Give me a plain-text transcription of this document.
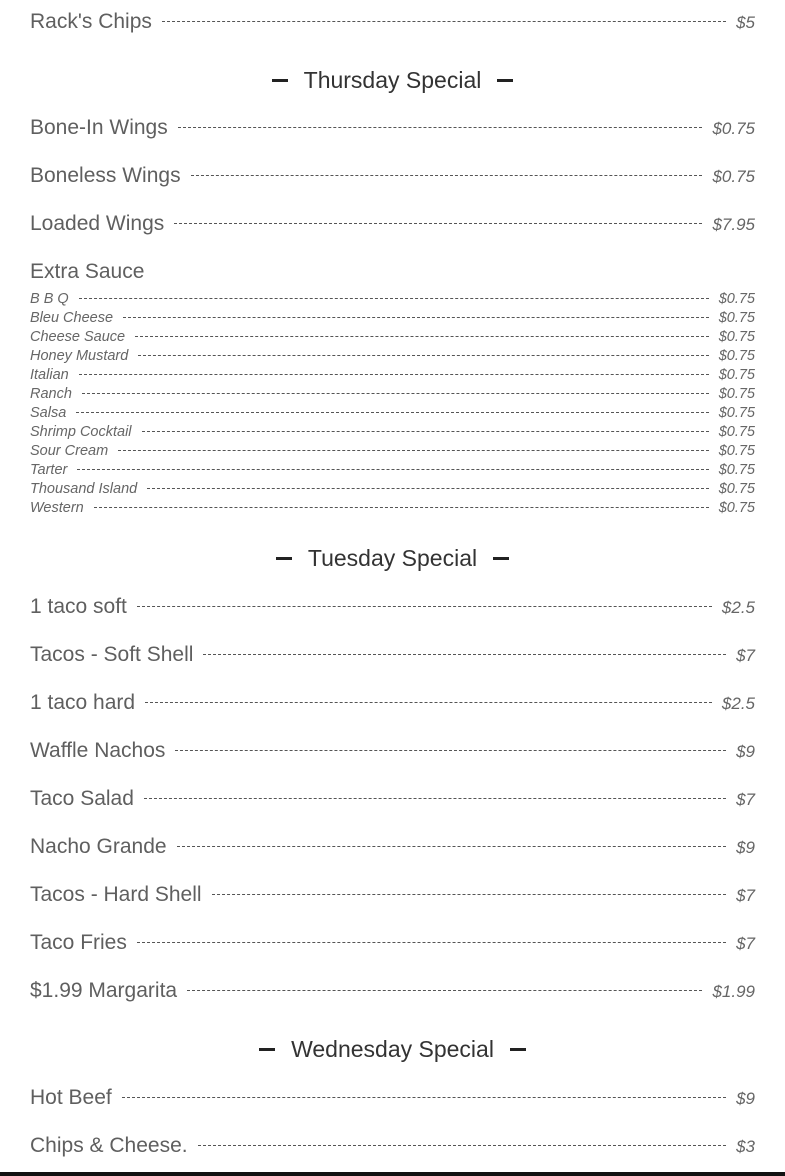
Rack's Chips	$5
Thursday Special
Bone-In Wings	$0.75
Boneless Wings	$0.75
Loaded Wings	$7.95
Extra Sauce
B B Q	$0.75
Bleu Cheese	$0.75
Cheese Sauce	$0.75
Honey Mustard	$0.75
Italian	$0.75
Ranch	$0.75
Salsa	$0.75
Shrimp Cocktail	$0.75
Sour Cream	$0.75
Tarter	$0.75
Thousand Island	$0.75
Western	$0.75
Tuesday Special
1 taco soft	$2.5
Tacos - Soft Shell	$7
1 taco hard	$2.5
Waffle Nachos	$9
Taco Salad	$7
Nacho Grande	$9
Tacos - Hard Shell	$7
Taco Fries	$7
$1.99 Margarita	$1.99
Wednesday Special
Hot Beef	$9
Chips & Cheese.	$3
